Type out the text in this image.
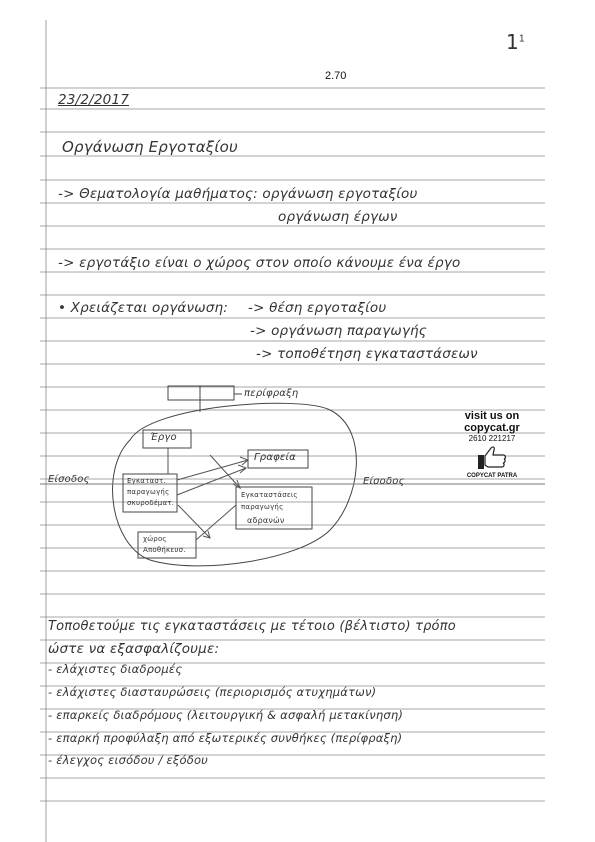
2.70
$1^1$
23/2/2017
Οργάνωση Εργοταξίου
-> Θεματολογία μαθήματος: οργάνωση εργοταξίου
οργάνωση έργων
-> εργοτάξιο είναι ο χώρος στον οποίο κάνουμε ένα έργο
• Χρειάζεται οργάνωση: -> θέση εργοταξίου
-> οργάνωση παραγωγής
-> τοποθέτηση εγκαταστάσεων
περίφραξη
Είσοδος	Είσοδος
Έργο
Γραφεία
Εγκαταστ.
παραγωγής
σκυροδέματ.
Εγκαταστάσεις
παραγωγής
αδρανών
χώρος
Αποθήκευσ.
visit us on
copycat.gr
2610 221217
COPYCAT PATRA
Τοποθετούμε τις εγκαταστάσεις με τέτοιο (βέλτιστο) τρόπο
ώστε να εξασφαλίζουμε:
- ελάχιστες διαδρομές
- ελάχιστες διασταυρώσεις (περιορισμός ατυχημάτων)
- επαρκείς διαδρόμους (λειτουργική & ασφαλή μετακίνηση)
- επαρκή προφύλαξη από εξωτερικές συνθήκες (περίφραξη)
- έλεγχος εισόδου / εξόδου
